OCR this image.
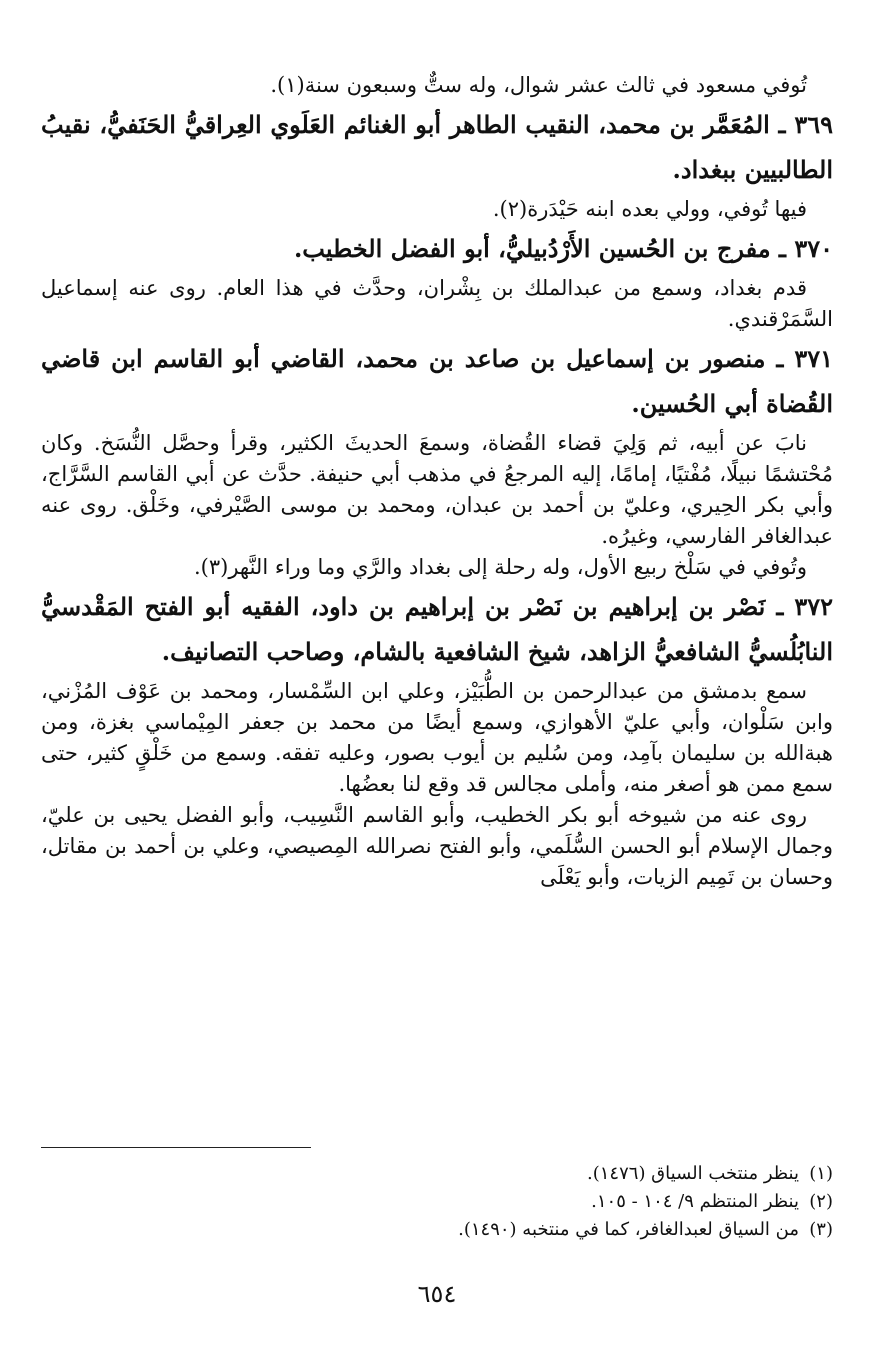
تُوفي مسعود في ثالث عشر شوال، وله ستٌّ وسبعون سنة(١).

٣٦٩ ـ المُعَمَّر بن محمد، النقيب الطاهر أبو الغنائم العَلَوي العِراقيُّ الحَنَفيُّ، نقيبُ الطالبيين ببغداد.

فيها تُوفي، وولي بعده ابنه حَيْدَرة(٢).

٣٧٠ ـ مفرج بن الحُسين الأَرْدُبيليُّ، أبو الفضل الخطيب.

قدم بغداد، وسمع من عبدالملك بن بِشْران، وحدَّث في هذا العام. روى عنه إسماعيل السَّمَرْقندي.

٣٧١ ـ منصور بن إسماعيل بن صاعد بن محمد، القاضي أبو القاسم ابن قاضي القُضاة أبي الحُسين.

نابَ عن أبيه، ثم وَلِيَ قضاء القُضاة، وسمعَ الحديثَ الكثير، وقرأ وحصَّل النُّسَخ. وكان مُحْتشمًا نبيلًا، مُفْتيًا، إمامًا، إليه المرجعُ في مذهب أبي حنيفة. حدَّث عن أبي القاسم السَّرَّاج، وأبي بكر الحِيري، وعليّ بن أحمد بن عبدان، ومحمد بن موسى الصَّيْرفي، وخَلْق. روى عنه عبدالغافر الفارسي، وغيرُه.

وتُوفي في سَلْخ ربيع الأول، وله رحلة إلى بغداد والرَّي وما وراء النَّهر(٣).

٣٧٢ ـ نَصْر بن إبراهيم بن نَصْر بن إبراهيم بن داود، الفقيه أبو الفتح المَقْدسيُّ النابُلُسيُّ الشافعيُّ الزاهد، شيخ الشافعية بالشام، وصاحب التصانيف.

سمع بدمشق من عبدالرحمن بن الطُّبَيْز، وعلي ابن السِّمْسار، ومحمد بن عَوْف المُزْني، وابن سَلْوان، وأبي عليّ الأهوازي، وسمع أيضًا من محمد بن جعفر المِيْماسي بغزة، ومن هبةالله بن سليمان بآمِد، ومن سُليم بن أيوب بصور، وعليه تفقه. وسمع من خَلْقٍ كثير، حتى سمع ممن هو أصغر منه، وأملى مجالس قد وقع لنا بعضُها.

روى عنه من شيوخه أبو بكر الخطيب، وأبو القاسم النَّسِيب، وأبو الفضل يحيى بن عليّ، وجمال الإسلام أبو الحسن السُّلَمي، وأبو الفتح نصرالله المِصيصي، وعلي بن أحمد بن مقاتل، وحسان بن تَمِيم الزيات، وأبو يَعْلَى

(١)ينظر منتخب السياق (١٤٧٦).

(٢)ينظر المنتظم ٩/ ١٠٤ - ١٠٥.

(٣)من السياق لعبدالغافر، كما في منتخبه (١٤٩٠).

٦٥٤
